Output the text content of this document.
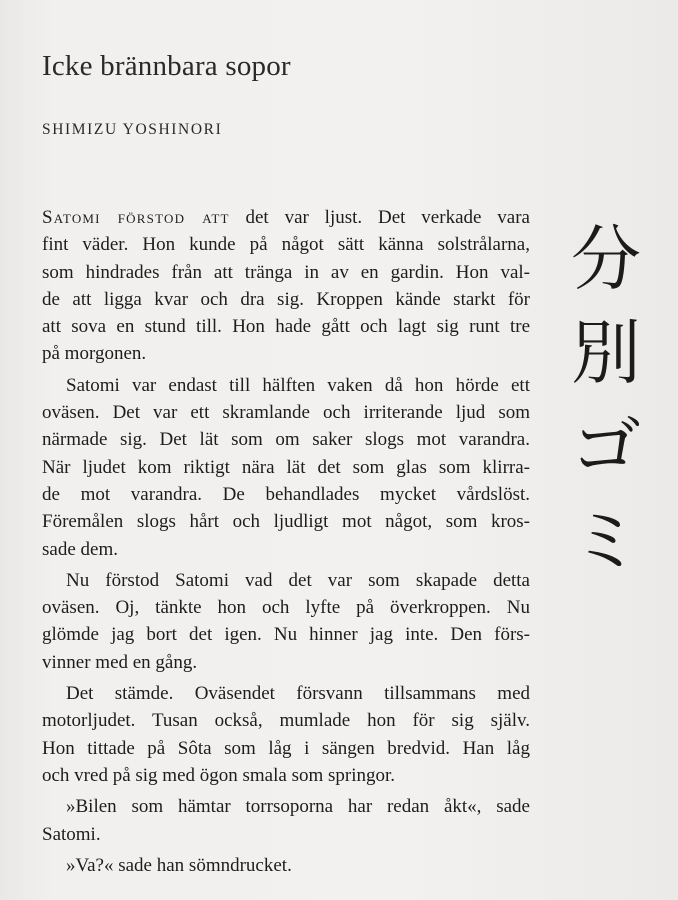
Icke brännbara sopor

SHIMIZU YOSHINORI

Satomi förstod att det var ljust. Det verkade vara
fint väder. Hon kunde på något sätt känna solstrålarna,
som hindrades från att tränga in av en gardin. Hon val-
de att ligga kvar och dra sig. Kroppen kände starkt för
att sova en stund till. Hon hade gått och lagt sig runt tre
på morgonen.
Satomi var endast till hälften vaken då hon hörde ett
oväsen. Det var ett skramlande och irriterande ljud som
närmade sig. Det lät som om saker slogs mot varandra.
När ljudet kom riktigt nära lät det som glas som klirra-
de mot varandra. De behandlades mycket vårdslöst.
Föremålen slogs hårt och ljudligt mot något, som kros-
sade dem.
Nu förstod Satomi vad det var som skapade detta
oväsen. Oj, tänkte hon och lyfte på överkroppen. Nu
glömde jag bort det igen. Nu hinner jag inte. Den förs-
vinner med en gång.
Det stämde. Oväsendet försvann tillsammans med
motorljudet. Tusan också, mumlade hon för sig själv.
Hon tittade på Sôta som låg i sängen bredvid. Han låg
och vred på sig med ögon smala som springor.
»Bilen som hämtar torrsoporna har redan åkt«, sade
Satomi.
»Va?« sade han sömndrucket.
分
別
ゴ
ミ
